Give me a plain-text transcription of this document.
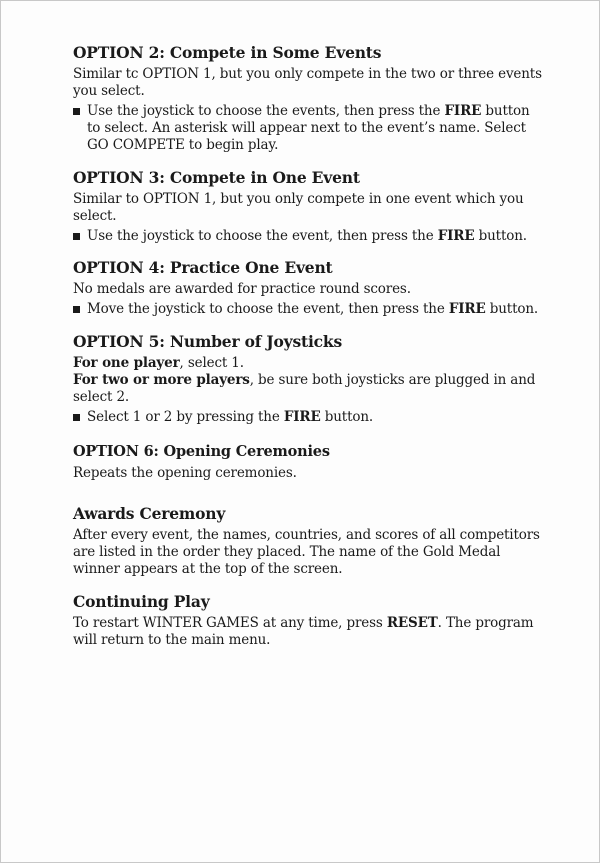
OPTION 2: Compete in Some Events

Similar tc OPTION 1, but you only compete in the two or three events you select.

Use the joystick to choose the events, then press the FIRE button to select. An asterisk will appear next to the event’s name. Select GO COMPETE to begin play.
OPTION 3: Compete in One Event

Similar to OPTION 1, but you only compete in one event which you select.

Use the joystick to choose the event, then press the FIRE button.
OPTION 4: Practice One Event

No medals are awarded for practice round scores.

Move the joystick to choose the event, then press the FIRE button.
OPTION 5: Number of Joysticks

For one player, select 1.

For two or more players, be sure both joysticks are plugged in and select 2.

Select 1 or 2 by pressing the FIRE button.
OPTION 6: Opening Ceremonies

Repeats the opening ceremonies.

Awards Ceremony

After every event, the names, countries, and scores of all competitors are listed in the order they placed. The name of the Gold Medal winner appears at the top of the screen.

Continuing Play

To restart WINTER GAMES at any time, press RESET. The program will return to the main menu.
